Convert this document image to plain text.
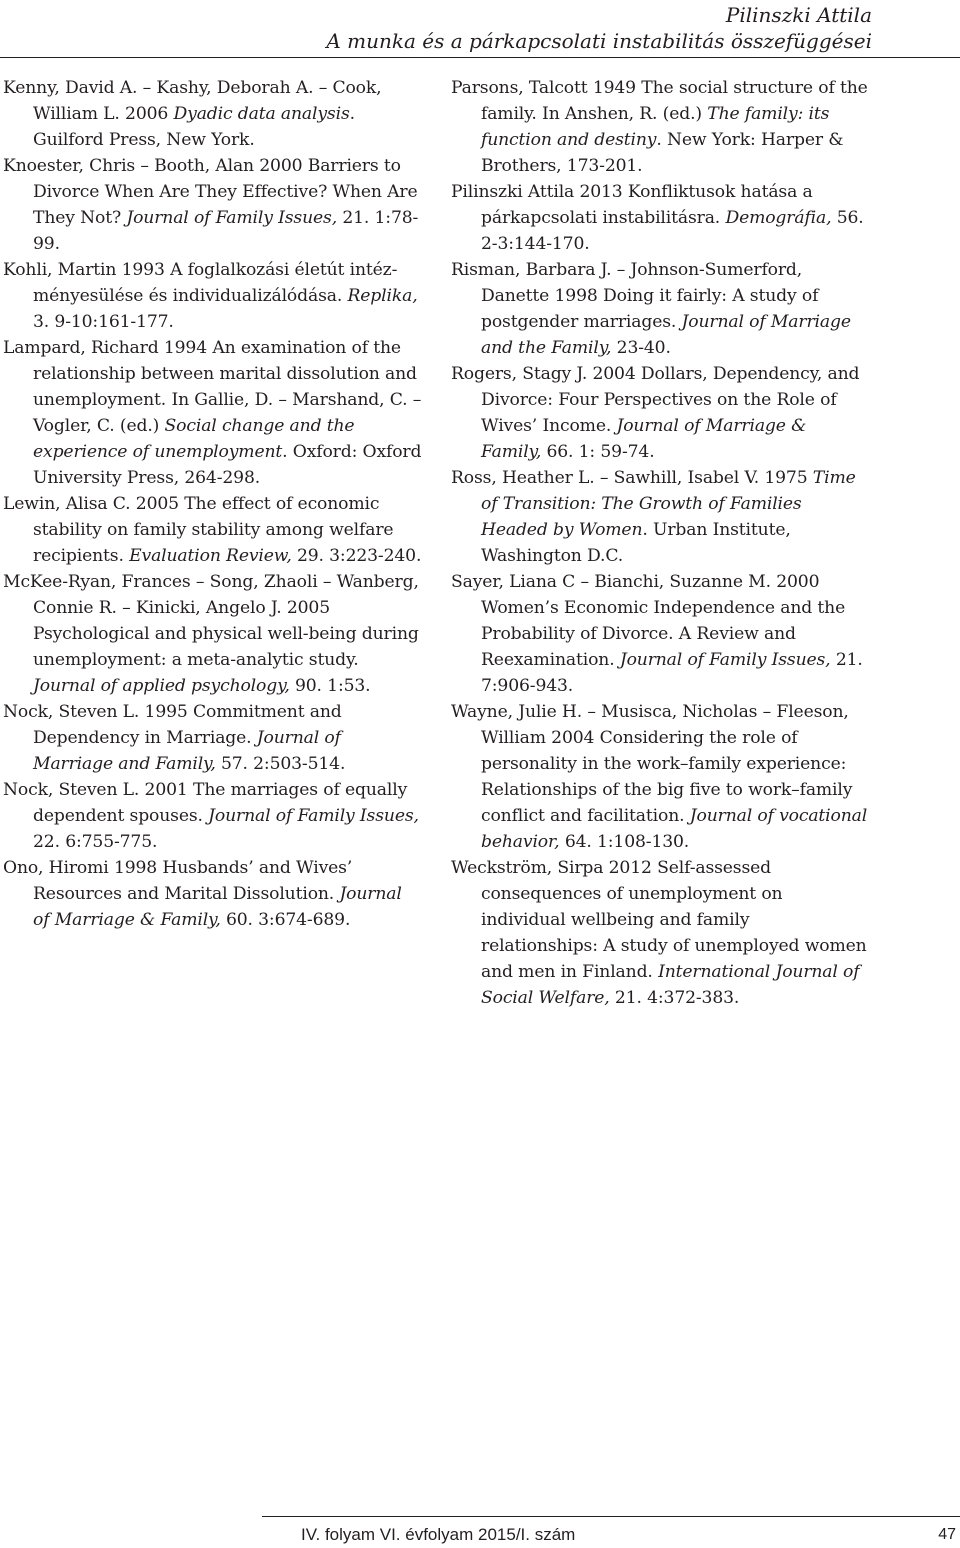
Pilinszki Attila
A munka és a párkapcsolati instabilitás összefüggései

Kenny, David A. – Kashy, Deborah A. – Cook, William L. 2006 Dyadic data analysis. Guilford Press, New York.

Knoester, Chris – Booth, Alan 2000 Barriers to Divorce When Are They Effective? When Are They Not? Journal of Family Issues, 21. 1:78-99.

Kohli, Martin 1993 A foglalkozási életút intézményesülése és individualizálódása. Replika, 3. 9-10:161-177.

Lampard, Richard 1994 An examination of the relationship between marital dissolution and unemployment. In Gallie, D. – Marshand, C. – Vogler, C. (ed.) Social change and the experience of unemployment. Oxford: Oxford University Press, 264-298.

Lewin, Alisa C. 2005 The effect of economic stability on family stability among welfare recipients. Evaluation Review, 29. 3:223-240.

McKee-Ryan, Frances – Song, Zhaoli – Wanberg, Connie R. – Kinicki, Angelo J. 2005 Psychological and physical well-being during unemployment: a meta-analytic study. Journal of applied psychology, 90. 1:53.

Nock, Steven L. 1995 Commitment and Dependency in Marriage. Journal of Marriage and Family, 57. 2:503-514.

Nock, Steven L. 2001 The marriages of equally dependent spouses. Journal of Family Issues, 22. 6:755-775.

Ono, Hiromi 1998 Husbands’ and Wives’ Resources and Marital Dissolution. Journal of Marriage & Family, 60. 3:674-689.

Parsons, Talcott 1949 The social structure of the family. In Anshen, R. (ed.) The family: its function and destiny. New York: Harper & Brothers, 173-201.

Pilinszki Attila 2013 Konfliktusok hatása a párkapcsolati instabilitásra. Demográfia, 56. 2-3:144-170.

Risman, Barbara J. – Johnson-Sumerford, Danette 1998 Doing it fairly: A study of postgender marriages. Journal of Marriage and the Family, 23-40.

Rogers, Stagy J. 2004 Dollars, Dependency, and Divorce: Four Perspectives on the Role of Wives’ Income. Journal of Marriage & Family, 66. 1: 59-74.

Ross, Heather L. – Sawhill, Isabel V. 1975 Time of Transition: The Growth of Families Headed by Women. Urban Institute, Washington D.C.

Sayer, Liana C – Bianchi, Suzanne M. 2000 Women’s Economic Independence and the Probability of Divorce. A Review and Reexamination. Journal of Family Issues, 21. 7:906-943.

Wayne, Julie H. – Musisca, Nicholas – Fleeson, William 2004 Considering the role of personality in the work–family experience: Relationships of the big five to work–family conflict and facilitation. Journal of vocational behavior, 64. 1:108-130.

Weckström, Sirpa 2012 Self-assessed consequences of unemployment on individual wellbeing and family relationships: A study of unemployed women and men in Finland. International Journal of Social Welfare, 21. 4:372-383.

IV. folyam VI. évfolyam 2015/I. szám	47
